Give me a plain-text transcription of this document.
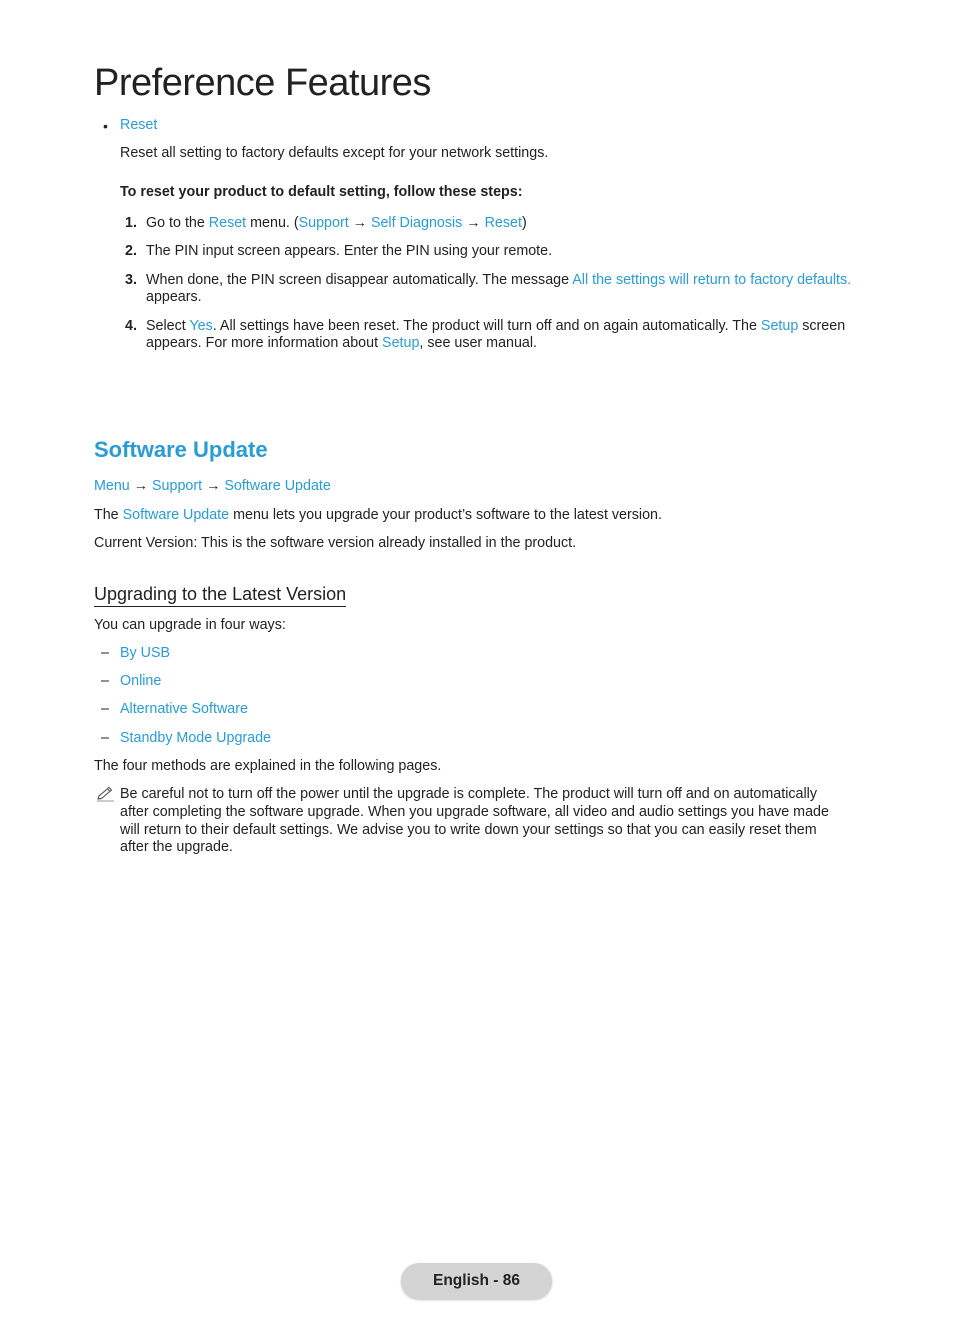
Preference Features
• Reset
Reset all setting to factory defaults except for your network settings.
To reset your product to default setting, follow these steps:
1. Go to the Reset menu. (Support → Self Diagnosis → Reset)
2. The PIN input screen appears. Enter the PIN using your remote.
3. When done, the PIN screen disappear automatically. The message All the settings will return to factory defaults.
appears.
4. Select Yes. All settings have been reset. The product will turn off and on again automatically. The Setup screen
appears. For more information about Setup, see user manual.
Software Update
Menu → Support → Software Update
The Software Update menu lets you upgrade your product’s software to the latest version.
Current Version: This is the software version already installed in the product.
Upgrading to the Latest Version
You can upgrade in four ways:
– By USB
– Online
– Alternative Software
– Standby Mode Upgrade
The four methods are explained in the following pages.
Be careful not to turn off the power until the upgrade is complete. The product will turn off and on automatically
after completing the software upgrade. When you upgrade software, all video and audio settings you have made
will return to their default settings. We advise you to write down your settings so that you can easily reset them
after the upgrade.
English - 86
